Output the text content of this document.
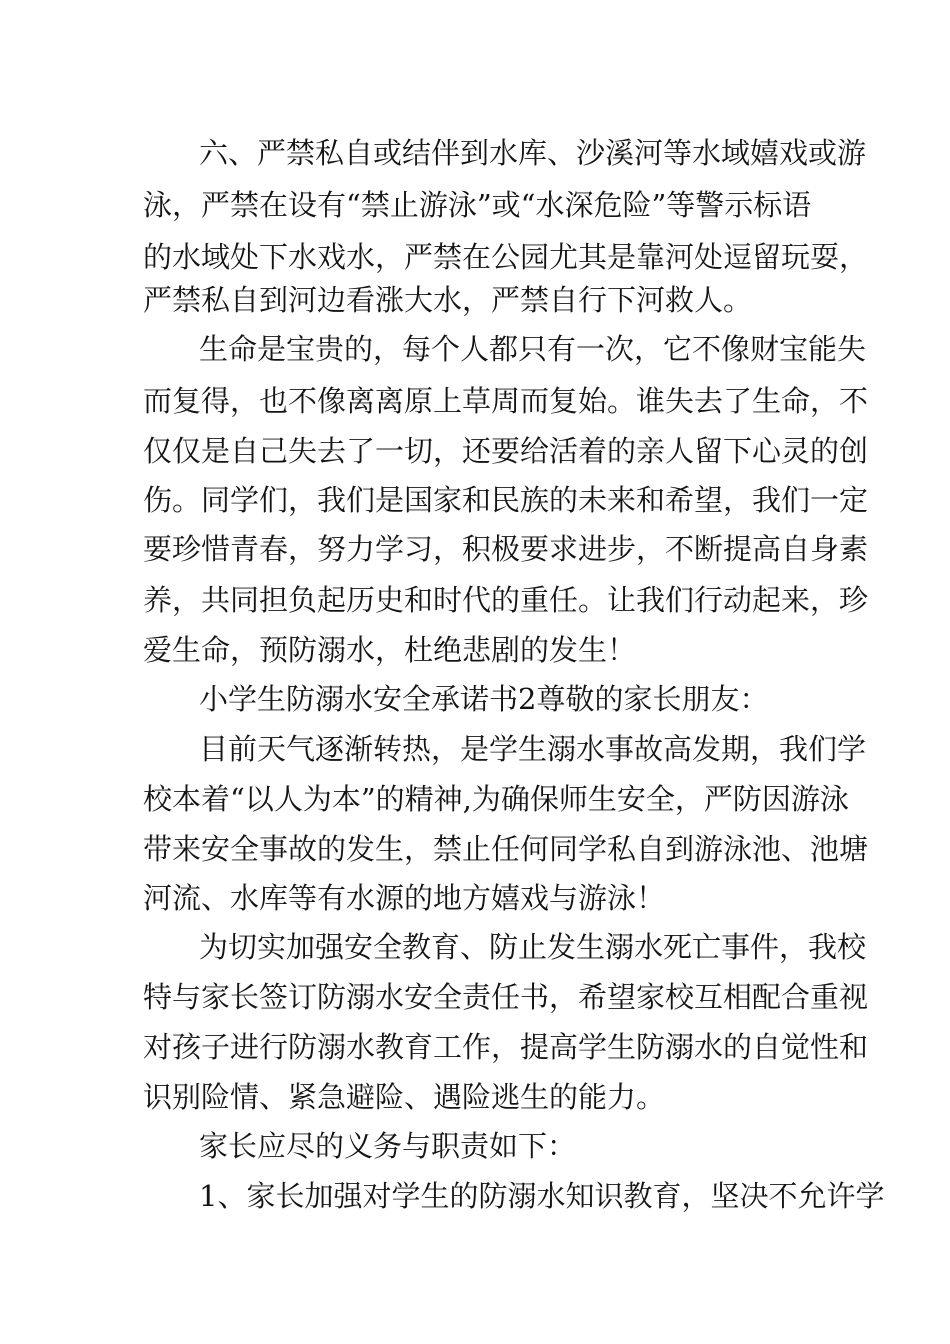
六、严禁私自或结伴到水库、沙溪河等水域嬉戏或游

泳，严禁在设有“禁止游泳”或“水深危险”等警示标语

的水域处下水戏水，严禁在公园尤其是靠河处逗留玩耍，

严禁私自到河边看涨大水，严禁自行下河救人。

生命是宝贵的，每个人都只有一次，它不像财宝能失

而复得，也不像离离原上草周而复始。谁失去了生命，不

仅仅是自己失去了一切，还要给活着的亲人留下心灵的创

伤。同学们，我们是国家和民族的未来和希望，我们一定

要珍惜青春，努力学习，积极要求进步，不断提高自身素

养，共同担负起历史和时代的重任。让我们行动起来，珍

爱生命，预防溺水，杜绝悲剧的发生！

小学生防溺水安全承诺书2尊敬的家长朋友：

目前天气逐渐转热，是学生溺水事故高发期，我们学

校本着“以人为本”的精神,为确保师生安全，严防因游泳

带来安全事故的发生，禁止任何同学私自到游泳池、池塘

河流、水库等有水源的地方嬉戏与游泳！

为切实加强安全教育、防止发生溺水死亡事件，我校

特与家长签订防溺水安全责任书，希望家校互相配合重视

对孩子进行防溺水教育工作，提高学生防溺水的自觉性和

识别险情、紧急避险、遇险逃生的能力。

家长应尽的义务与职责如下：

1、家长加强对学生的防溺水知识教育，坚决不允许学
